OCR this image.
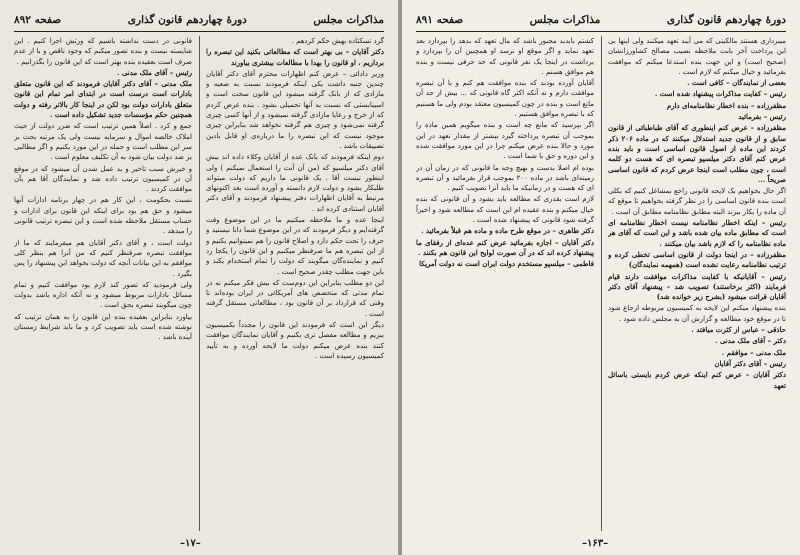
مذاکرات مجلس
دورهٔ چهاردهم قانون گذاری
صفحه ۸۹۲

گرد تسکتاده بهش حکم کردهم .

دکتر آقایان – بی بهتر است که مطالعاتی بکنید این تبصره را برداریم ، او قانون را بهدا با مطالعات بیشتری بیاورند

وزیر دادائی – عرض کنم اظهارات محترم آقای دکتر آقایان چندین جنبه داشت یکی اینکه فرمودند نسبت به صعیه و مازادی که از بانک گرفته میشود این قانون سخت است و اسیبابستی که نسبت به آنها تحمیلی بشود . بنده عرض کردم که از خرج و رعایا مازادی گرفته نمیشود و از آنها کسی چیزی گرفته نمی‌شود و چیزی هم گرفته نخواهد شد بنابراین چیزی موجود نیست که این تبصره را ما درباره‌ی او قابل بادین تضییقات باشد .

دوم اینکه فرمودند که بانک عده از آقایان وکلاء داده اند بیش آقای دکتر میلسپو که (من آن آنت را استعمال نمیکنم ) ولی اینطور نیست آقا . یک قانونی ما داریم که دولت میتواند طلبکار بشود و دولت لازم دانسته و آورده است بعد اکنونهای مرتبط به آقایان اظهارات دفتر پیشنهاد فرمودند و آقای دکتر آقایان استنادی کرده اند .

اینجا عده و ما ملاحظه میکنیم ما در این موضوع وقت گرفته‌ایم و دیگر فرمودند که در این موضوع شما دانا نیستید و حرف را تحت حکم دارد و اصلاح قانون را هم نمیتوانیم بکنیم و از این تبصره هم ما صرفنظر میکنیم و این قانون را یکجا رد کنیم و نماینده‌گان میگویند که دولت را تمام استخدام بکند و باین جهت مطلب چقدر صحیح است .

این دو مطلب بنابراین این دوم‌ست که بیش فکر میکنم نه در تمام مدتی که متخصص های آمریکائی در ایران بوده‌اند تا وقتی که قرارداد بر آن قانون بود ، مطالعاتی مستقل گرفته است .

دیگر این است که فرمودند این قانون را مجدداً بکمیسیون ببریم و مطالعه مفصل تری بکنیم و آقایان نمایندگان موافقت کنند بنده عرض میکنم دولت ما لایحه آورده و به تأیید کمیسیون رسیده است .

قانونی در دست نداشته باشیم که ورثش اجرا کنیم . این شایسته نیست و بنده تصور میکنم که وجود ناقص و با از عدم صرف است بعقیده بنده بهتر است که این قانون را بگذرانیم .

رئیس – آقای ملک مدنی .

ملک مدنی – آقای دکتر آقایان فرمودند که این قانون متعلق بادارات است درست است در ابتدای امر تمام این قانون متعلق بادارات دولت بود لکن در اینجا کار بالاتر رفته و دولت همچنین حکم مؤسسات جدید تشکیل داده است .

جمع و کرد . اصلاً همین ترتیب است که ضرر دولت از حیث املاک خالصه اموال و سرمایه نیست ولی یک مرتبه بحث بر سر این مطلب است و حمله در این مورد بکنیم و اگر مطالبی بر ضد دولت بیان شود به آن تکلیف معلوم است .

و خیرش سبب تاخیر و بد عمل شدن آن میشود که در موقع آن در کمیسیون ترتیب داده شد و نمایندگان آقا هم بآن موافقت کردند .

نسبت بحکومت ، این کار هم در چهار برنامه ادارات آنها میشود و حق هم بود برای اینکه این قانون برای ادارات و حساب مستقل ملاحظه شده است و این تبصره ترتیب قانونی را میدهد .

دولت است ، و آقای دکتر آقایان هم میفرمایند که ما از موافقت تبصره صرفنظر کنیم که من آنرا هم بنظر کلی موافقم به این بیانات آنچه که دولت بخواهد این پیشنهاد را پس بگیرد .

ولی فرمودید که تصور کند لازم بود موافقت کنیم و تمام مسائل بادارات مربوط میشود و نه آنکه اداره باشد بدولت چون میگویند تبصره بحق است .

بیاورد بنابراین بعقیده بنده این قانون را به همان ترتیب که نوشته شده است باید تصویب کرد و ما باید شرایط زمستان آینده باشد .

–۱۷–
دورهٔ چهاردهم قانون گذاری
مذاکرات مجلس
صفحه ۸۹۱

میبرداری هستند مالکینی که می آیند تعهد میکنند ولی اینها بی این پرداخت آخر بابت ملاحظه نصیب مصالح کشاورزانشان (صحیح است) و این جهت بنده استدعا میکنم که موافقت بفرمائید و خیال میکنم که لازم است .

بعضی از نمایندگان – کافی است .

رئیس – کفایت مذاکرات پیشنهاد شده است .

مظفرزاده – بنده اخطار نظامنامه‌ای دارم

رئیس – بفرمائید

مظفرزاده – عرض کنم اینطوری که آقای طباطبائی از قانون سابق و از قانون جدید استدلال میکنند که در ماده ۲۰۶ ذکر کردند این ماده از اصول قانون اساسی است و باید بنده عرض کنم آقای دکتر میلسپو تبصره ای که هست دو کلمه است ، چون مطلب است اینجا عرض کردم که قانون اساسی صریحاً ...

اگر حال بخواهیم بک لایحه قانونی راجع بمشاغل کنیم که بکلی است بنده قانون اساسی را در نظر گرفته بخواهیم تا موقع که آن ماده را بکار ببرند البته مطابق نظامنامه مطابق آن است .

رئیس – اینکه اخطار نظامنامه نیست اخطار نظامنامه ای است که مطابق ماده بیان شده باشد و این است که آقای هر ماده نظامنامه را که لازم باشد بیان میکنند .

مظفرزاده – در اینجا دولت از قانون اساسی تخطی کرده و ترتیب نظامنامه رعایت نشده است (همهمه نمایندگان)

رئیس – آقایانیکه با کفایت مذاکرات موافقت دارند قیام فرمایند (اکثر برخاستند) تصویب شد – پیشنهاد آقای دکتر آقایان قرائت میشود (بشرح زیر خوانده شد)

بنده پیشنهاد میکنم این لایحه به کمیسیون مربوطه ارجاع شود تا در موقع خود مطالعه و گزارش آن به مجلس داده شود .

حاذقی – عباس از کثرت میافتد .

دکتر – آقای ملک مدنی .

ملک مدنی – موافقم .

رئیس – آقای دکتر آقایان

دکتر آقایان – عرض کنم اینکه عرض کردم بایستی باسائل تعهد

کشتم بابدید مجبور باشد که مال تعهد که بدهد را بپردازد بعد تعهد نماید و اگر موقع او نرسد او همچنین آن را بپردازد و برداشت در اینجا یک نفر قانونی که حد حرفی نیست و بنده هم موافق هستم .

آقایان آورده بودند که بنده موافقت هم کنم و با آن تبصره موافقت دارم و نه آنکه اکثر گاه قانونی که ... بیش از حد آن مانع است و بنده در چون کمیسیون معتقد بودم ولی ما هستیم که با تبصره موافق هستیم .

اگر بپرسید که مانع چه است و بنده میگویم همین ماده را بموجب آن تبصره پرداخته گیرد بیشتر از مقدار تعهد در این مورد و حالا بنده عرض میکنم چرا در این مورد موافقت شده و این دوره و حق با شما است .

بوده ام اصلا بدست و بهیچ وجه ما قانونی که در زمان آن در زمینه‌ای باشد در ماده ۲۰۰ بموجب قرار بفرمائید و آن تبصره ای که هست و در زمانیکه ما باید آنرا تصویب کنیم .

لازم است بقدری که مطالعه باید بشود و آن قانونی که بنده خیال میکنم و بنده عقیده ام این است که مطالعه شود و اخیراً گرفته شود قانونی که پیشنهاد شده است .

دکتر طاهری – در موقع طرح ماده و ماده هم قبلاً بفرمائید .

دکتر آقایان – اجازه بفرمائید عرض کنم عده‌ای از رفقای ما پیشنهاد کرده اند که در آن صورت لوایح این قانون هم بکنند .

فاطمی – میلسپو مستخدم دولت ایران است نه دولت آمریکا

–۱۶۳–
